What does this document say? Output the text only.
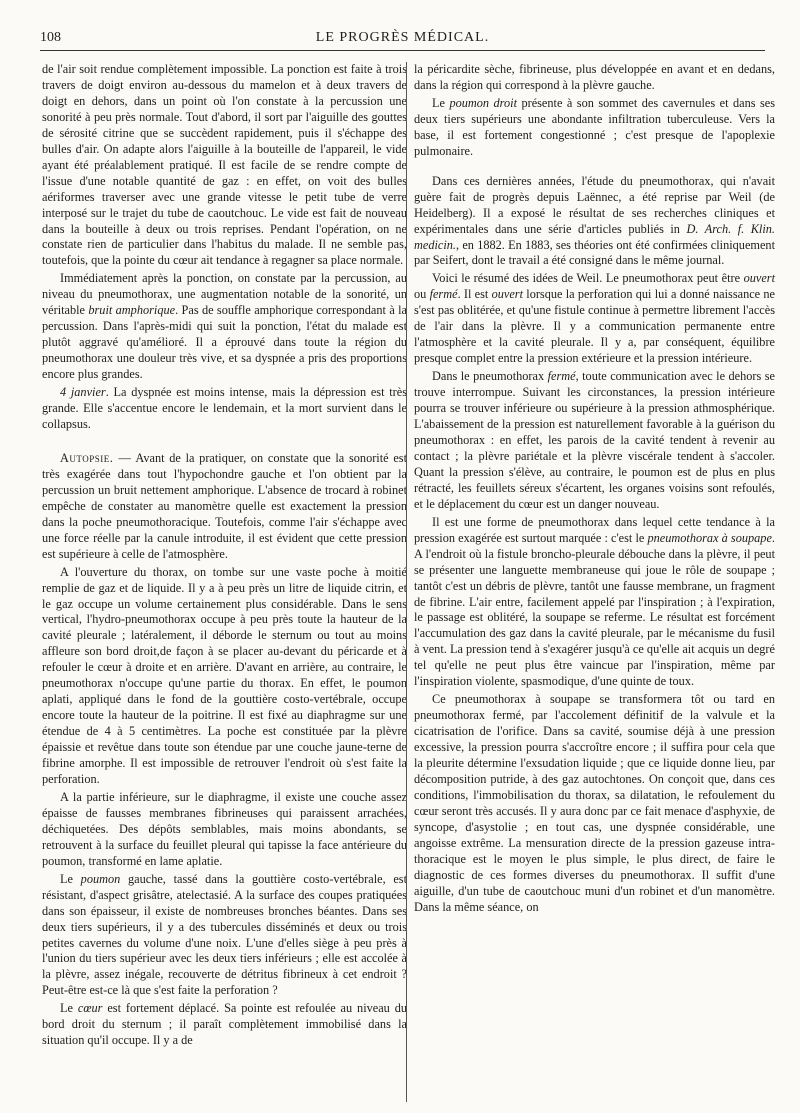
108	LE PROGRÈS MÉDICAL.

de l'air soit rendue complètement impossible. La ponction est faite à trois travers de doigt environ au-dessous du mamelon et à deux travers de doigt en dehors, dans un point où l'on constate à la percussion une sonorité à peu près normale. Tout d'abord, il sort par l'aiguille des gouttes de sérosité citrine que se succèdent rapidement, puis il s'échappe des bulles d'air. On adapte alors l'aiguille à la bouteille de l'appareil, le vide ayant été préalablement pratiqué. Il est facile de se rendre compte de l'issue d'une notable quantité de gaz : en effet, on voit des bulles aériformes traverser avec une grande vitesse le petit tube de verre interposé sur le trajet du tube de caoutchouc. Le vide est fait de nouveau dans la bouteille à deux ou trois reprises. Pendant l'opération, on ne constate rien de particulier dans l'habitus du malade. Il ne semble pas, toutefois, que la pointe du cœur ait tendance à regagner sa place normale.

Immédiatement après la ponction, on constate par la percussion, au niveau du pneumothorax, une augmentation notable de la sonorité, un véritable bruit amphorique. Pas de souffle amphorique correspondant à la percussion. Dans l'après-midi qui suit la ponction, l'état du malade est plutôt aggravé qu'amélioré. Il a éprouvé dans toute la région du pneumothorax une douleur très vive, et sa dyspnée a pris des proportions encore plus grandes.

4 janvier. La dyspnée est moins intense, mais la dépression est très grande. Elle s'accentue encore le lendemain, et la mort survient dans le collapsus.

Autopsie. — Avant de la pratiquer, on constate que la sonorité est très exagérée dans tout l'hypochondre gauche et l'on obtient par la percussion un bruit nettement amphorique. L'absence de trocard à robinet empêche de constater au manomètre quelle est exactement la pression dans la poche pneumothoracique. Toutefois, comme l'air s'échappe avec une force réelle par la canule introduite, il est évident que cette pression est supérieure à celle de l'atmosphère.

A l'ouverture du thorax, on tombe sur une vaste poche à moitié remplie de gaz et de liquide. Il y a à peu près un litre de liquide citrin, et le gaz occupe un volume certainement plus considérable. Dans le sens vertical, l'hydro-pneumothorax occupe à peu près toute la hauteur de la cavité pleurale ; latéralement, il déborde le sternum ou tout au moins affleure son bord droit,de façon à se placer au-devant du péricarde et à refouler le cœur à droite et en arrière. D'avant en arrière, au contraire, le pneumothorax n'occupe qu'une partie du thorax. En effet, le poumon aplati, appliqué dans le fond de la gouttière costo-vertébrale, occupe encore toute la hauteur de la poitrine. Il est fixé au diaphragme sur une étendue de 4 à 5 centimètres. La poche est constituée par la plèvre épaissie et revêtue dans toute son étendue par une couche jaune-terne de fibrine amorphe. Il est impossible de retrouver l'endroit où s'est faite la perforation.

A la partie inférieure, sur le diaphragme, il existe une couche assez épaisse de fausses membranes fibrineuses qui paraissent arrachées, déchiquetées. Des dépôts semblables, mais moins abondants, se retrouvent à la surface du feuillet pleural qui tapisse la face antérieure du poumon, transformé en lame aplatie.

Le poumon gauche, tassé dans la gouttière costo-vertébrale, est résistant, d'aspect grisâtre, atelectasié. A la surface des coupes pratiquées dans son épaisseur, il existe de nombreuses bronches béantes. Dans ses deux tiers supérieurs, il y a des tubercules disséminés et deux ou trois petites cavernes du volume d'une noix. L'une d'elles siège à peu près à l'union du tiers supérieur avec les deux tiers inférieurs ; elle est accolée à la plèvre, assez inégale, recouverte de détritus fibrineux à cet endroit ? Peut-être est-ce là que s'est faite la perforation ?

Le cœur est fortement déplacé. Sa pointe est refoulée au niveau du bord droit du sternum ; il paraît complètement immobilisé dans la situation qu'il occupe. Il y a de

la péricardite sèche, fibrineuse, plus développée en avant et en dedans, dans la région qui correspond à la plèvre gauche.

Le poumon droit présente à son sommet des cavernules et dans ses deux tiers supérieurs une abondante infiltration tuberculeuse. Vers la base, il est fortement congestionné ; c'est presque de l'apoplexie pulmonaire.

Dans ces dernières années, l'étude du pneumothorax, qui n'avait guère fait de progrès depuis Laënnec, a été reprise par Weil (de Heidelberg). Il a exposé le résultat de ses recherches cliniques et expérimentales dans une série d'articles publiés in D. Arch. f. Klin. medicin., en 1882. En 1883, ses théories ont été confirmées cliniquement par Seifert, dont le travail a été consigné dans le même journal.

Voici le résumé des idées de Weil. Le pneumothorax peut être ouvert ou fermé. Il est ouvert lorsque la perforation qui lui a donné naissance ne s'est pas oblitérée, et qu'une fistule continue à permettre librement l'accès de l'air dans la plèvre. Il y a communication permanente entre l'atmosphère et la cavité pleurale. Il y a, par conséquent, équilibre presque complet entre la pression extérieure et la pression intérieure.

Dans le pneumothorax fermé, toute communication avec le dehors se trouve interrompue. Suivant les circonstances, la pression intérieure pourra se trouver inférieure ou supérieure à la pression athmosphérique. L'abaissement de la pression est naturellement favorable à la guérison du pneumothorax : en effet, les parois de la cavité tendent à revenir au contact ; la plèvre pariétale et la plèvre viscérale tendent à s'accoler. Quant la pression s'élève, au contraire, le poumon est de plus en plus rétracté, les feuillets séreux s'écartent, les organes voisins sont refoulés, et le déplacement du cœur est un danger nouveau.

Il est une forme de pneumothorax dans lequel cette tendance à la pression exagérée est surtout marquée : c'est le pneumothorax à soupape. A l'endroit où la fistule broncho-pleurale débouche dans la plèvre, il peut se présenter une languette membraneuse qui joue le rôle de soupape ; tantôt c'est un débris de plèvre, tantôt une fausse membrane, un fragment de fibrine. L'air entre, facilement appelé par l'inspiration ; à l'expiration, le passage est oblitéré, la soupape se referme. Le résultat est forcément l'accumulation des gaz dans la cavité pleurale, par le mécanisme du fusil à vent. La pression tend à s'exagérer jusqu'à ce qu'elle ait acquis un degré tel qu'elle ne peut plus être vaincue par l'inspiration, même par l'inspiration violente, spasmodique, d'une quinte de toux.

Ce pneumothorax à soupape se transformera tôt ou tard en pneumothorax fermé, par l'accolement définitif de la valvule et la cicatrisation de l'orifice. Dans sa cavité, soumise déjà à une pression excessive, la pression pourra s'accroître encore ; il suffira pour cela que la pleurite détermine l'exsudation liquide ; que ce liquide donne lieu, par décomposition putride, à des gaz autochtones. On conçoit que, dans ces conditions, l'immobilisation du thorax, sa dilatation, le refoulement du cœur seront très accusés. Il y aura donc par ce fait menace d'asphyxie, de syncope, d'asystolie ; en tout cas, une dyspnée considérable, une angoisse extrême. La mensuration directe de la pression gazeuse intra-thoracique est le moyen le plus simple, le plus direct, de faire le diagnostic de ces formes diverses du pneumothorax. Il suffit d'une aiguille, d'un tube de caoutchouc muni d'un robinet et d'un manomètre. Dans la même séance, on
